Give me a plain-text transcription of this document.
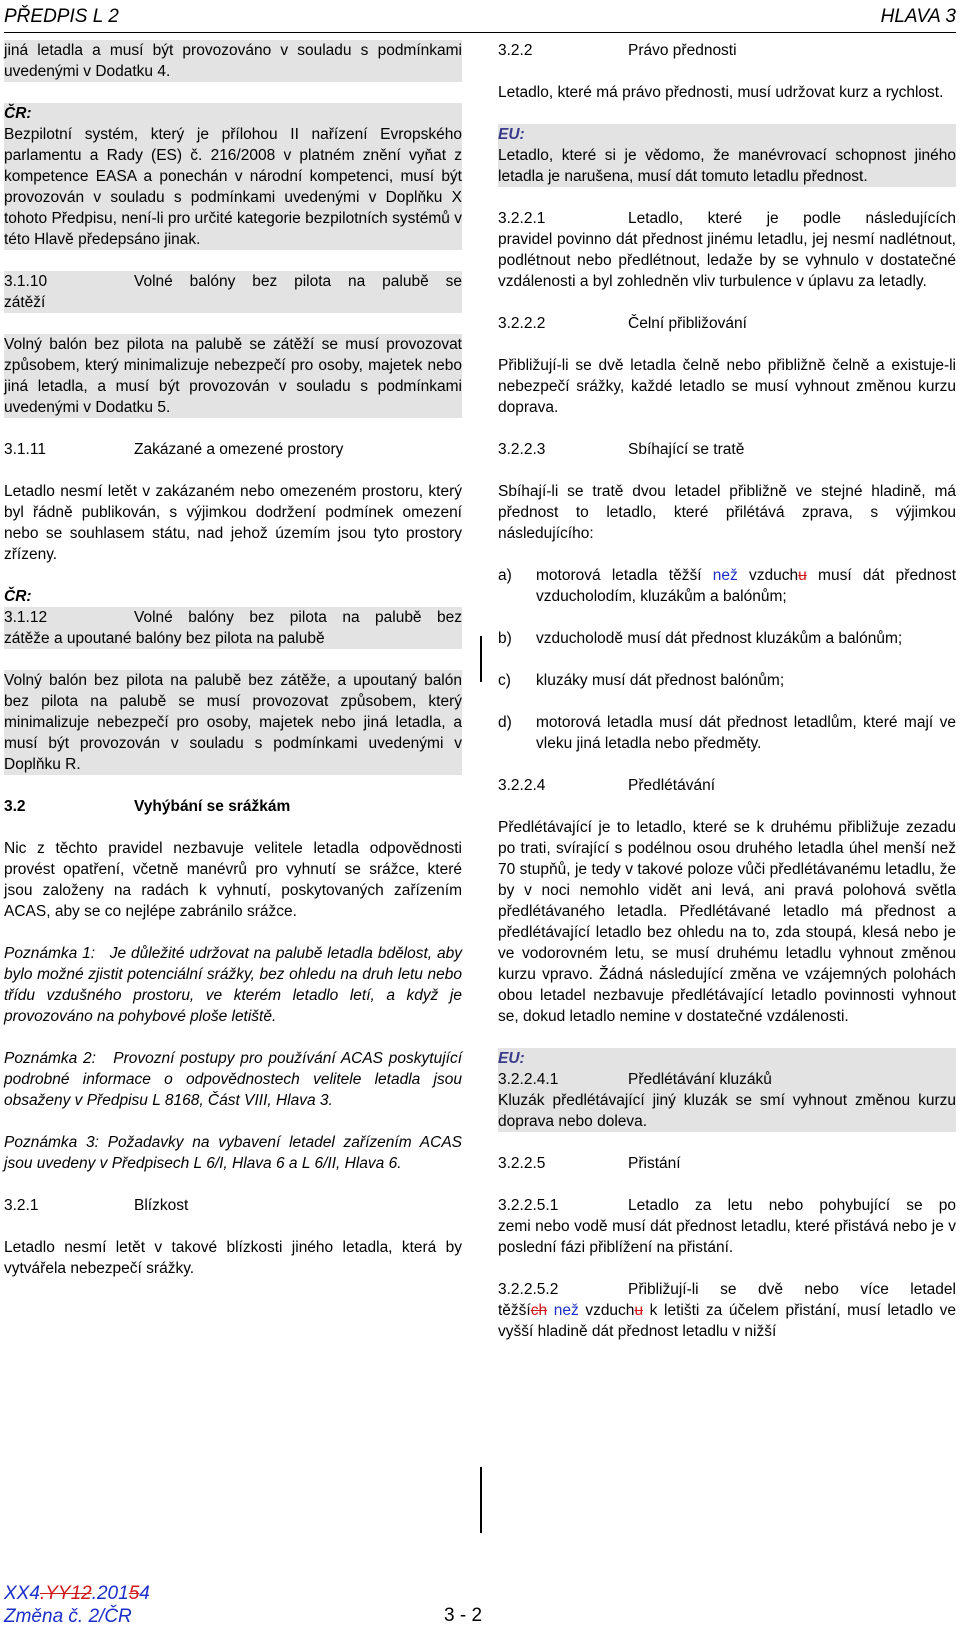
PŘEDPIS L 2	HLAVA 3

jiná letadla a musí být provozováno v souladu s podmínkami uvedenými v Dodatku 4.

ČR:

Bezpilotní systém, který je přílohou II nařízení Evropského parlamentu a Rady (ES) č. 216/2008 v platném znění vyňat z kompetence EASA a ponechán v národní kompetenci, musí být provozován v souladu s podmínkami uvedenými v Doplňku X tohoto Předpisu, není-li pro určité kategorie bezpilotních systémů v této Hlavě předepsáno jinak.

3.1.10	Volné balóny bez pilota na palubě se

zátěží

Volný balón bez pilota na palubě se zátěží se musí provozovat způsobem, který minimalizuje nebezpečí pro osoby, majetek nebo jiná letadla, a musí být provozován v souladu s podmínkami uvedenými v Dodatku 5.

3.1.11	Zakázané a omezené prostory

Letadlo nesmí letět v zakázaném nebo omezeném prostoru, který byl řádně publikován, s výjimkou dodržení podmínek omezení nebo se souhlasem státu, nad jehož územím jsou tyto prostory zřízeny.

ČR:

3.1.12	Volné balóny bez pilota na palubě bez

zátěže a upoutané balóny bez pilota na palubě

Volný balón bez pilota na palubě bez zátěže, a upoutaný balón bez pilota na palubě se musí provozovat způsobem, který minimalizuje nebezpečí pro osoby, majetek nebo jiná letadla, a musí být provozován v souladu s podmínkami uvedenými v Doplňku R.

3.2	Vyhýbání se srážkám

Nic z těchto pravidel nezbavuje velitele letadla odpovědnosti provést opatření, včetně manévrů pro vyhnutí se srážce, které jsou založeny na radách k vyhnutí, poskytovaných zařízením ACAS, aby se co nejlépe zabránilo srážce.

Poznámka 1: Je důležité udržovat na palubě letadla bdělost, aby bylo možné zjistit potenciální srážky, bez ohledu na druh letu nebo třídu vzdušného prostoru, ve kterém letadlo letí, a když je provozováno na pohybové ploše letiště.

Poznámka 2: Provozní postupy pro používání ACAS poskytující podrobné informace o odpovědnostech velitele letadla jsou obsaženy v Předpisu L 8168, Část VIII, Hlava 3.

Poznámka 3: Požadavky na vybavení letadel zařízením ACAS jsou uvedeny v Předpisech L 6/I, Hlava 6 a L 6/II, Hlava 6.

3.2.1	Blízkost

Letadlo nesmí letět v takové blízkosti jiného letadla, která by vytvářela nebezpečí srážky.

3.2.2	Právo přednosti

Letadlo, které má právo přednosti, musí udržovat kurz a rychlost.

EU:

Letadlo, které si je vědomo, že manévrovací schopnost jiného letadla je narušena, musí dát tomuto letadlu přednost.

3.2.2.1	Letadlo, které je podle následujících

pravidel povinno dát přednost jinému letadlu, jej nesmí nadlétnout, podlétnout nebo předlétnout, ledaže by se vyhnulo v dostatečné vzdálenosti a byl zohledněn vliv turbulence v úplavu za letadly.

3.2.2.2	Čelní přibližování

Přibližují-li se dvě letadla čelně nebo přibližně čelně a existuje-li nebezpečí srážky, každé letadlo se musí vyhnout změnou kurzu doprava.

3.2.2.3	Sbíhající se tratě

Sbíhají-li se tratě dvou letadel přibližně ve stejné hladině, má přednost to letadlo, které přilétává zprava, s výjimkou následujícího:

a)	motorová letadla těžší než vzduchu musí dát přednost vzducholodím, kluzákům a balónům;
b)	vzducholodě musí dát přednost kluzákům a balónům;
c)	kluzáky musí dát přednost balónům;
d)	motorová letadla musí dát přednost letadlům, které mají ve vleku jiná letadla nebo předměty.
3.2.2.4	Předlétávání

Předlétávající je to letadlo, které se k druhému přibližuje zezadu po trati, svírající s podélnou osou druhého letadla úhel menší než 70 stupňů, je tedy v takové poloze vůči předlétávanému letadlu, že by v noci nemohlo vidět ani levá, ani pravá polohová světla předlétávaného letadla. Předlétávané letadlo má přednost a předlétávající letadlo bez ohledu na to, zda stoupá, klesá nebo je ve vodorovném letu, se musí druhému letadlu vyhnout změnou kurzu vpravo. Žádná následující změna ve vzájemných polohách obou letadel nezbavuje předlétávající letadlo povinnosti vyhnout se, dokud letadlo nemine v dostatečné vzdálenosti.

EU:

3.2.2.4.1	Předlétávání kluzáků

Kluzák předlétávající jiný kluzák se smí vyhnout změnou kurzu doprava nebo doleva.

3.2.2.5	Přistání
3.2.2.5.1	Letadlo za letu nebo pohybující se po

zemi nebo vodě musí dát přednost letadlu, které přistává nebo je v poslední fázi přiblížení na přistání.

3.2.2.5.2	Přibližují-li se dvě nebo více letadel

těžších než vzduchu k letišti za účelem přistání, musí letadlo ve vyšší hladině dát přednost letadlu v nižší

XX4.YY12.20154
Změna č. 2/ČR	3 - 2
